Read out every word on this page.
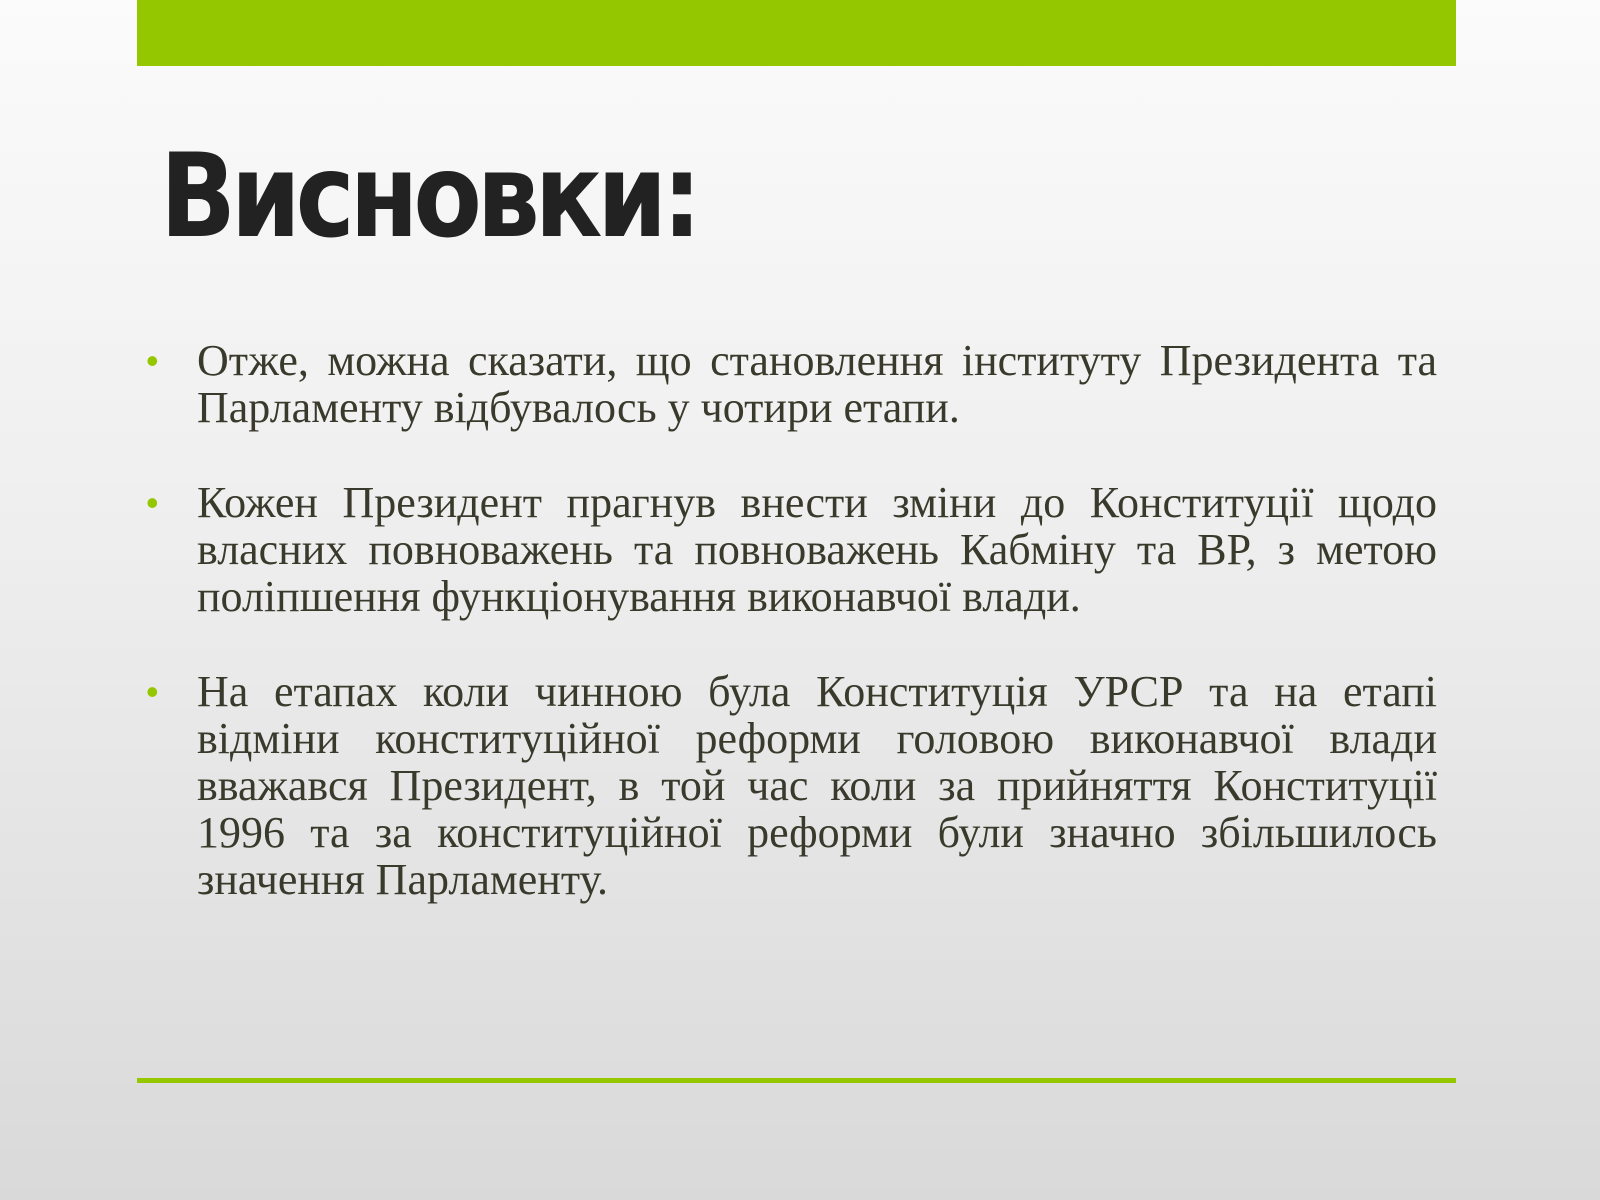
Висновки:
• Отже, можна сказати, що становлення інституту Президента та Парламенту відбувалось у чотири етапи.
• Кожен Президент прагнув внести зміни до Конституції щодо власних повноважень та повноважень Кабміну та ВР, з метою поліпшення функціонування виконавчої влади.
• На етапах коли чинною була Конституція УРСР та на етапі відміни конституційної реформи головою виконавчої влади вважався Президент, в той час коли за прийняття Конституції 1996 та за конституційної реформи були значно збільшилось значення Парламенту.
